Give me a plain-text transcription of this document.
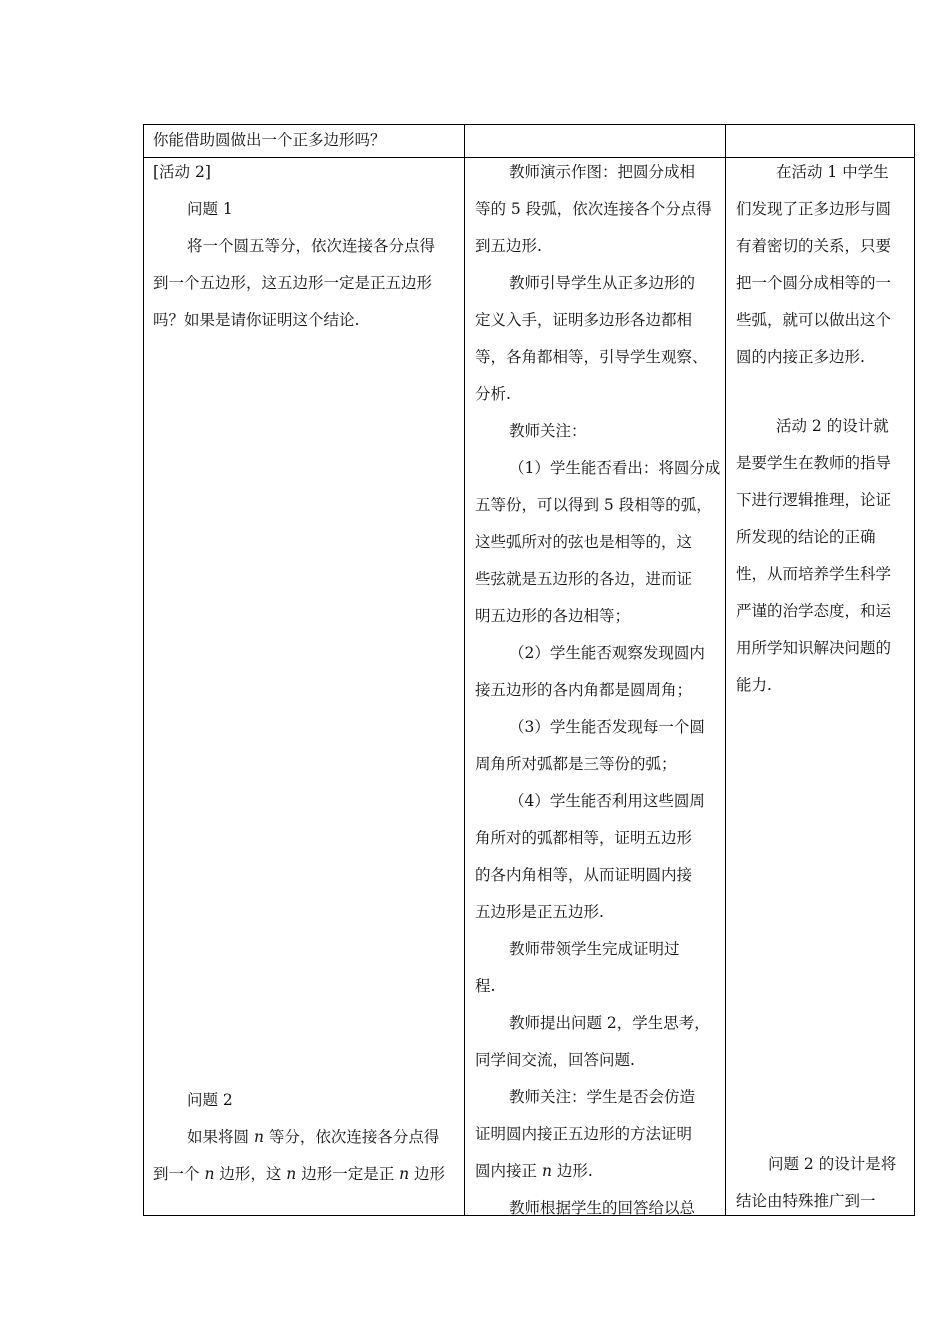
你能借助圆做出一个正多边形吗？
[活动 2]
问题 1
将一个圆五等分，依次连接各分点得
到一个五边形，这五边形一定是正五边形
吗？如果是请你证明这个结论.
问题 2
如果将圆 n 等分，依次连接各分点得
到一个 n 边形，这 n 边形一定是正 n 边形
教师演示作图：把圆分成相
等的 5 段弧，依次连接各个分点得
到五边形.
教师引导学生从正多边形的
定义入手，证明多边形各边都相
等，各角都相等，引导学生观察、
分析.
教师关注：
（1）学生能否看出：将圆分成
五等份，可以得到 5 段相等的弧，
这些弧所对的弦也是相等的，这
些弦就是五边形的各边，进而证
明五边形的各边相等；
（2）学生能否观察发现圆内
接五边形的各内角都是圆周角；
（3）学生能否发现每一个圆
周角所对弧都是三等份的弧；
（4）学生能否利用这些圆周
角所对的弧都相等，证明五边形
的各内角相等，从而证明圆内接
五边形是正五边形.
教师带领学生完成证明过
程.
教师提出问题 2，学生思考，
同学间交流，回答问题.
教师关注：学生是否会仿造
证明圆内接正五边形的方法证明
圆内接正 n 边形.
教师根据学生的回答给以总
在活动 1 中学生
们发现了正多边形与圆
有着密切的关系，只要
把一个圆分成相等的一
些弧，就可以做出这个
圆的内接正多边形.
活动 2 的设计就
是要学生在教师的指导
下进行逻辑推理，论证
所发现的结论的正确
性，从而培养学生科学
严谨的治学态度，和运
用所学知识解决问题的
能力.
问题 2 的设计是将
结论由特殊推广到一
